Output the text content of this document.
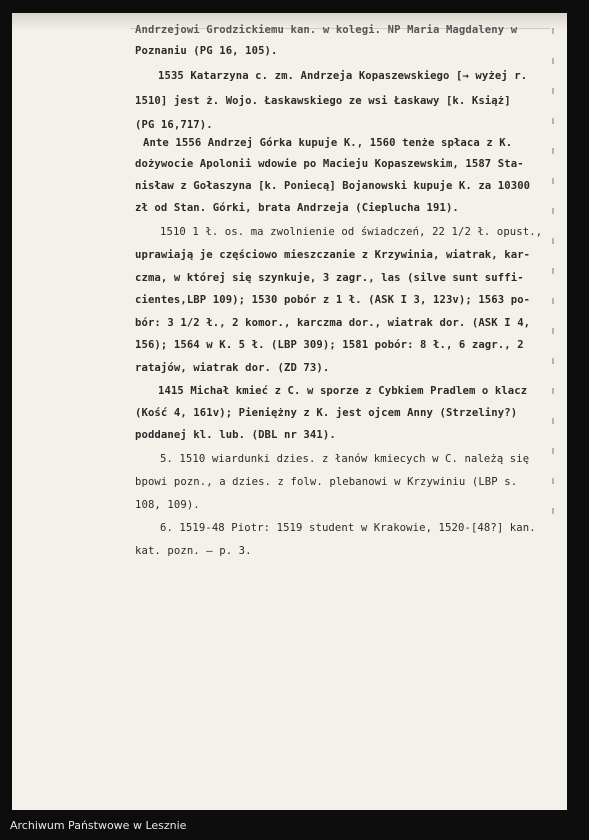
Andrzejowi Grodzickiemu kan. w kolegi. NP Maria Magdaleny w
Poznaniu (PG 16, 105).
1535 Katarzyna c. zm. Andrzeja Kopaszewskiego [→ wyżej r.
1510] jest ż. Wojo. Łaskawskiego ze wsi Łaskawy [k. Książ]
(PG 16,717).
Ante 1556 Andrzej Górka kupuje K., 1560 tenże spłaca z K.
dożywocie Apolonii wdowie po Macieju Kopaszewskim, 1587 Sta-
nisław z Gołaszyna [k. Poniecą] Bojanowski kupuje K. za 10300
zł od Stan. Górki, brata Andrzeja (Cieplucha 191).
1510 1 ł. os. ma zwolnienie od świadczeń, 22 1/2 ł. opust.,
uprawiają je częściowo mieszczanie z Krzywinia, wiatrak, kar-
czma, w której się szynkuje, 3 zagr., las (silve sunt suffi-
cientes,LBP 109); 1530 pobór z 1 ł. (ASK I 3, 123v); 1563 po-
bór: 3 1/2 ł., 2 komor., karczma dor., wiatrak dor. (ASK I 4,
156); 1564 w K. 5 ł. (LBP 309); 1581 pobór: 8 ł., 6 zagr., 2
ratajów, wiatrak dor. (ZD 73).
1415 Michał kmieć z C. w sporze z Cybkiem Pradlem o klacz
(Kość 4, 161v); Pieniężny z K. jest ojcem Anny (Strzeliny?)
poddanej kl. lub. (DBL nr 341).
5. 1510 wiardunki dzies. z łanów kmiecych w C. należą się
bpowi pozn., a dzies. z folw. plebanowi w Krzywiniu (LBP s.
108, 109).
6. 1519-48 Piotr: 1519 student w Krakowie, 1520-[48?] kan.
kat. pozn. — p. 3.
Archiwum Państwowe w Lesznie
